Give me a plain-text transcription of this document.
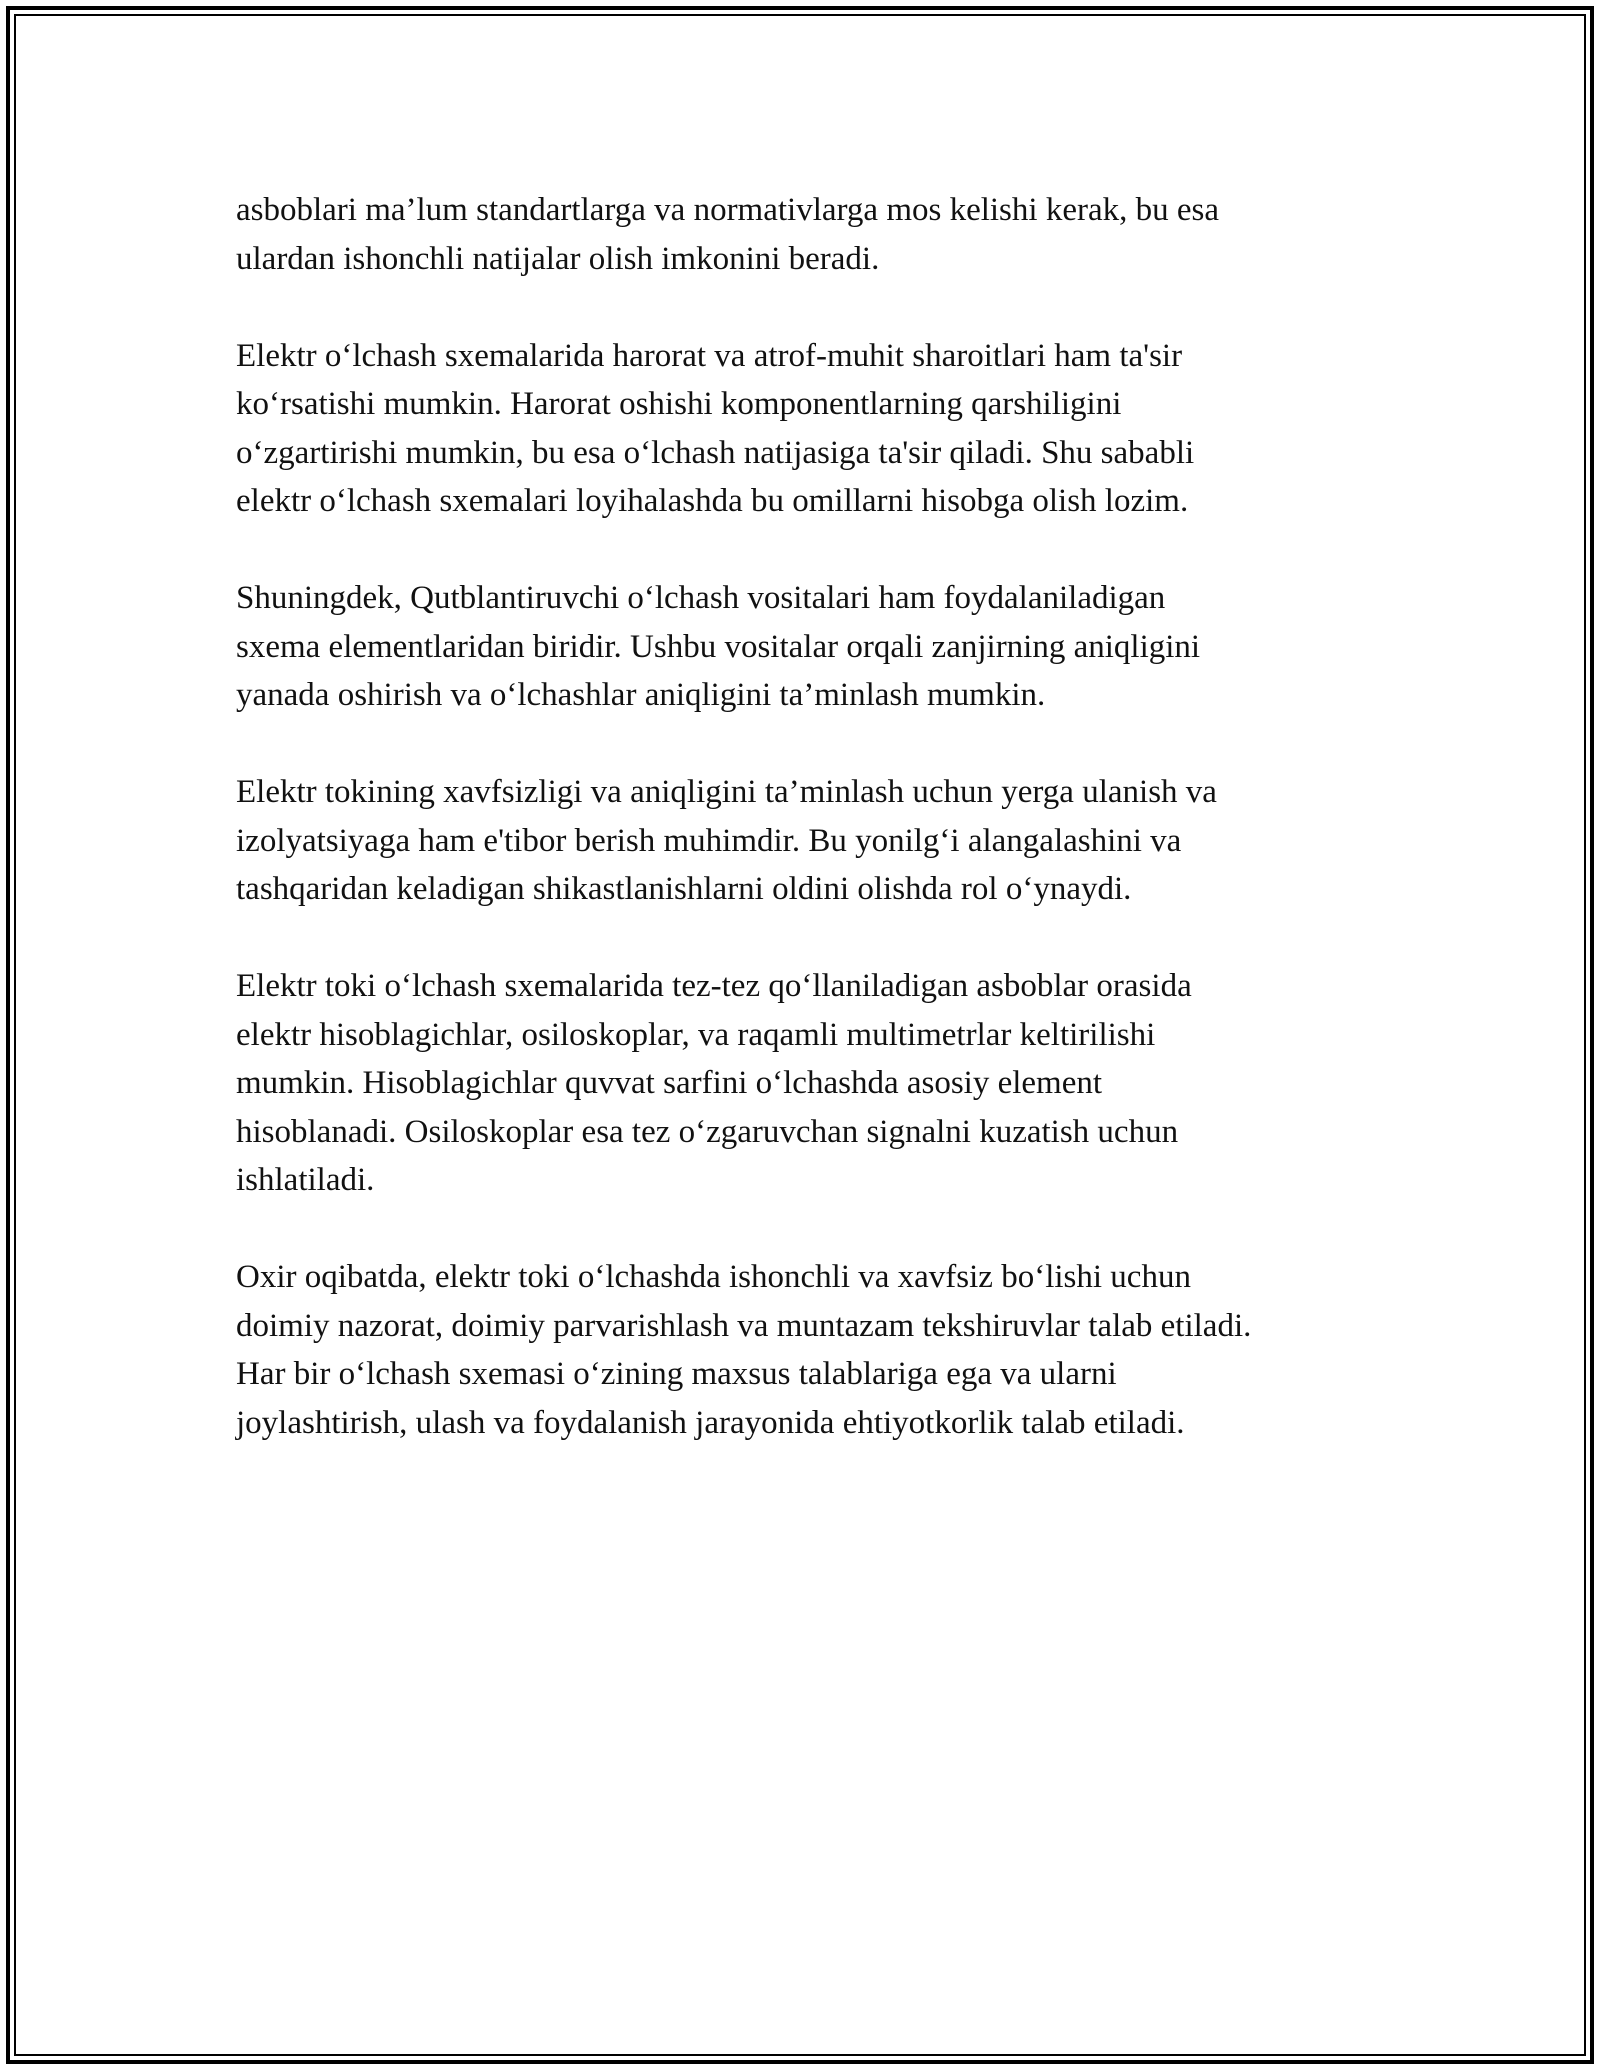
asboblari ma’lum standartlarga va normativlarga mos kelishi kerak, bu esa
ulardan ishonchli natijalar olish imkonini beradi.

Elektr o‘lchash sxemalarida harorat va atrof-muhit sharoitlari ham ta'sir
ko‘rsatishi mumkin. Harorat oshishi komponentlarning qarshiligini
o‘zgartirishi mumkin, bu esa o‘lchash natijasiga ta'sir qiladi. Shu sababli
elektr o‘lchash sxemalari loyihalashda bu omillarni hisobga olish lozim.

Shuningdek, Qutblantiruvchi o‘lchash vositalari ham foydalaniladigan
sxema elementlaridan biridir. Ushbu vositalar orqali zanjirning aniqligini
yanada oshirish va o‘lchashlar aniqligini ta’minlash mumkin.

Elektr tokining xavfsizligi va aniqligini ta’minlash uchun yerga ulanish va
izolyatsiyaga ham e'tibor berish muhimdir. Bu yonilg‘i alangalashini va
tashqaridan keladigan shikastlanishlarni oldini olishda rol o‘ynaydi.

Elektr toki o‘lchash sxemalarida tez-tez qo‘llaniladigan asboblar orasida
elektr hisoblagichlar, osiloskoplar, va raqamli multimetrlar keltirilishi
mumkin. Hisoblagichlar quvvat sarfini o‘lchashda asosiy element
hisoblanadi. Osiloskoplar esa tez o‘zgaruvchan signalni kuzatish uchun
ishlatiladi.

Oxir oqibatda, elektr toki o‘lchashda ishonchli va xavfsiz bo‘lishi uchun
doimiy nazorat, doimiy parvarishlash va muntazam tekshiruvlar talab etiladi.
Har bir o‘lchash sxemasi o‘zining maxsus talablariga ega va ularni
joylashtirish, ulash va foydalanish jarayonida ehtiyotkorlik talab etiladi.
